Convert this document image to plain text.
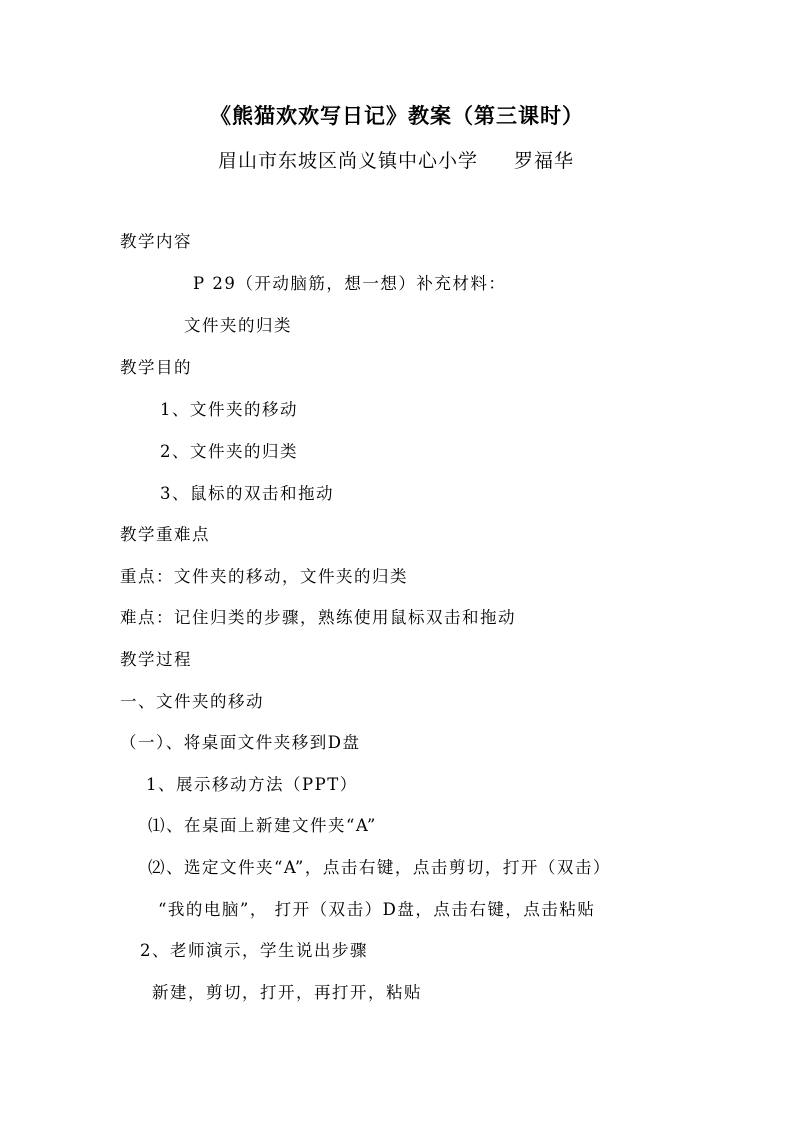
《熊猫欢欢写日记》教案（第三课时）
眉山市东坡区尚义镇中心小学 罗福华
教学内容
P 29（开动脑筋，想一想）补充材料：
文件夹的归类
教学目的
1、文件夹的移动
2、文件夹的归类
3、鼠标的双击和拖动
教学重难点
重点：文件夹的移动，文件夹的归类
难点：记住归类的步骤，熟练使用鼠标双击和拖动
教学过程
一、文件夹的移动
（一）、将桌面文件夹移到D盘
1、展示移动方法（PPT）
⑴、在桌面上新建文件夹“A”
⑵、选定文件夹“A”，点击右键，点击剪切，打开（双击）
“我的电脑”， 打开（双击）D盘，点击右键，点击粘贴
2、老师演示，学生说出步骤
新建，剪切，打开，再打开，粘贴
